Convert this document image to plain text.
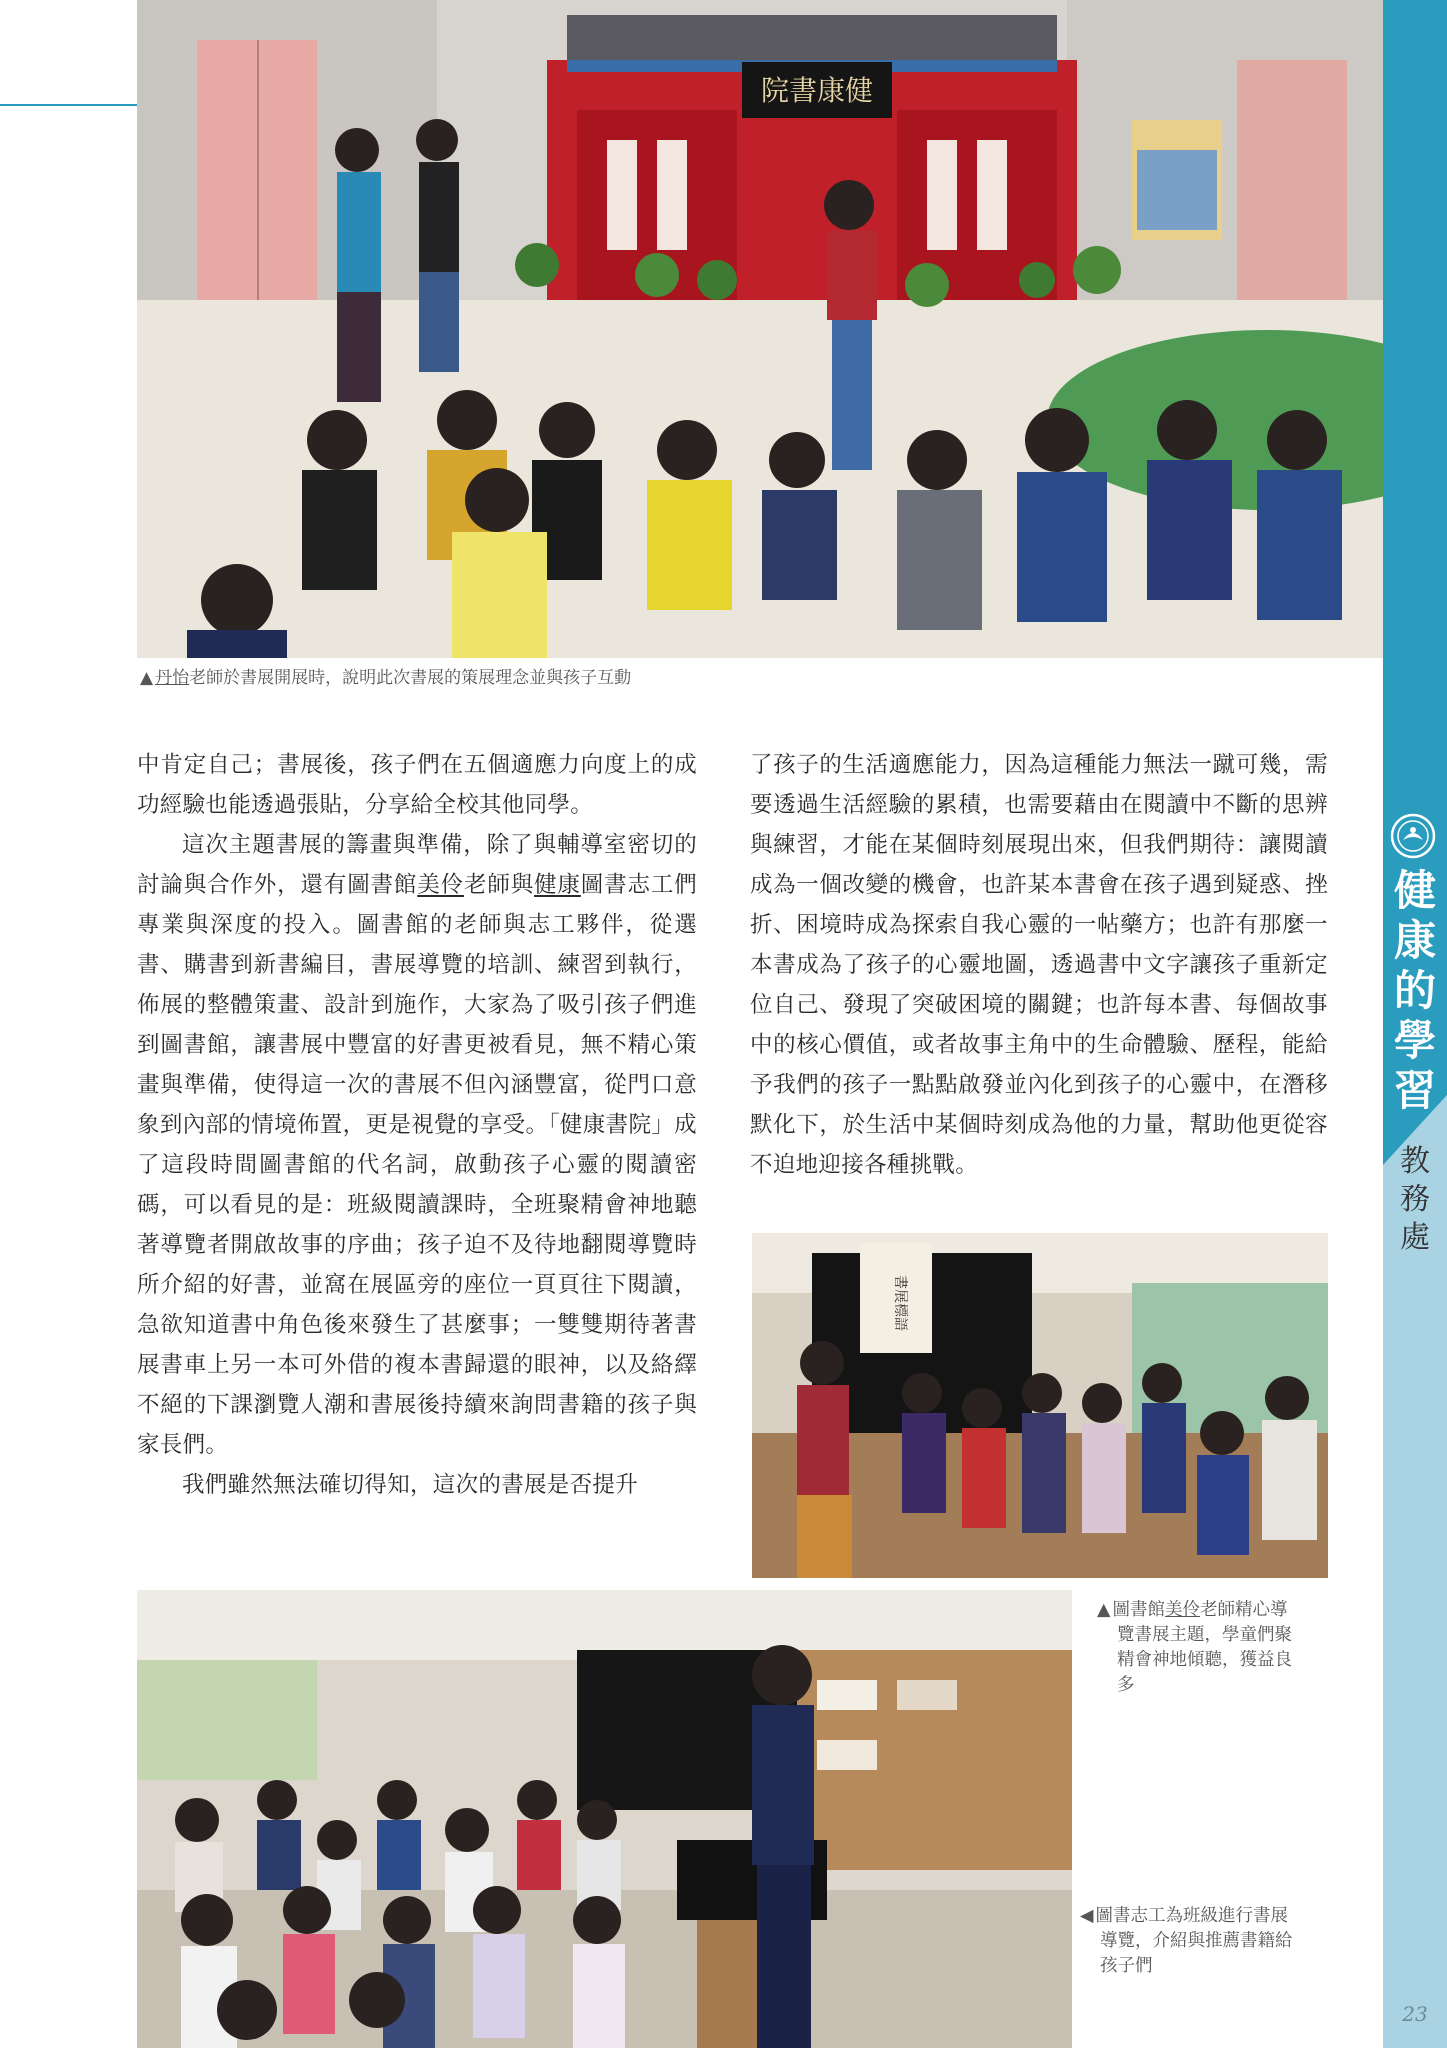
院書康健
▲ 丹怡老師於書展開展時，說明此次書展的策展理念並與孩子互動

中肯定自己；書展後，孩子們在五個適應力向度上的成功經驗也能透過張貼，分享給全校其他同學。

這次主題書展的籌畫與準備，除了與輔導室密切的討論與合作外，還有圖書館美伶老師與健康圖書志工們專業與深度的投入。圖書館的老師與志工夥伴，從選書、購書到新書編目，書展導覽的培訓、練習到執行，佈展的整體策畫、設計到施作，大家為了吸引孩子們進到圖書館，讓書展中豐富的好書更被看見，無不精心策畫與準備，使得這一次的書展不但內涵豐富，從門口意象到內部的情境佈置，更是視覺的享受。「健康書院」成了這段時間圖書館的代名詞，啟動孩子心靈的閱讀密碼，可以看見的是：班級閱讀課時，全班聚精會神地聽著導覽者開啟故事的序曲；孩子迫不及待地翻閱導覽時所介紹的好書，並窩在展區旁的座位一頁頁往下閱讀，急欲知道書中角色後來發生了甚麼事；一雙雙期待著書展書車上另一本可外借的複本書歸還的眼神，以及絡繹不絕的下課瀏覽人潮和書展後持續來詢問書籍的孩子與家長們。

我們雖然無法確切得知，這次的書展是否提升

了孩子的生活適應能力，因為這種能力無法一蹴可幾，需要透過生活經驗的累積，也需要藉由在閱讀中不斷的思辨與練習，才能在某個時刻展現出來，但我們期待：讓閱讀成為一個改變的機會，也許某本書會在孩子遇到疑惑、挫折、困境時成為探索自我心靈的一帖藥方；也許有那麼一本書成為了孩子的心靈地圖，透過書中文字讓孩子重新定位自己、發現了突破困境的關鍵；也許每本書、每個故事中的核心價值，或者故事主角中的生命體驗、歷程，能給予我們的孩子一點點啟發並內化到孩子的心靈中，在潛移默化下，於生活中某個時刻成為他的力量，幫助他更從容不迫地迎接各種挑戰。

書展標語
▲ 圖書館美伶老師精心導
覽書展主題，學童們聚
精會神地傾聽，獲益良
多
◀ 圖書志工為班級進行書展
導覽，介紹與推薦書籍給
孩子們
健
康
的
學
習
教
務
處
23
